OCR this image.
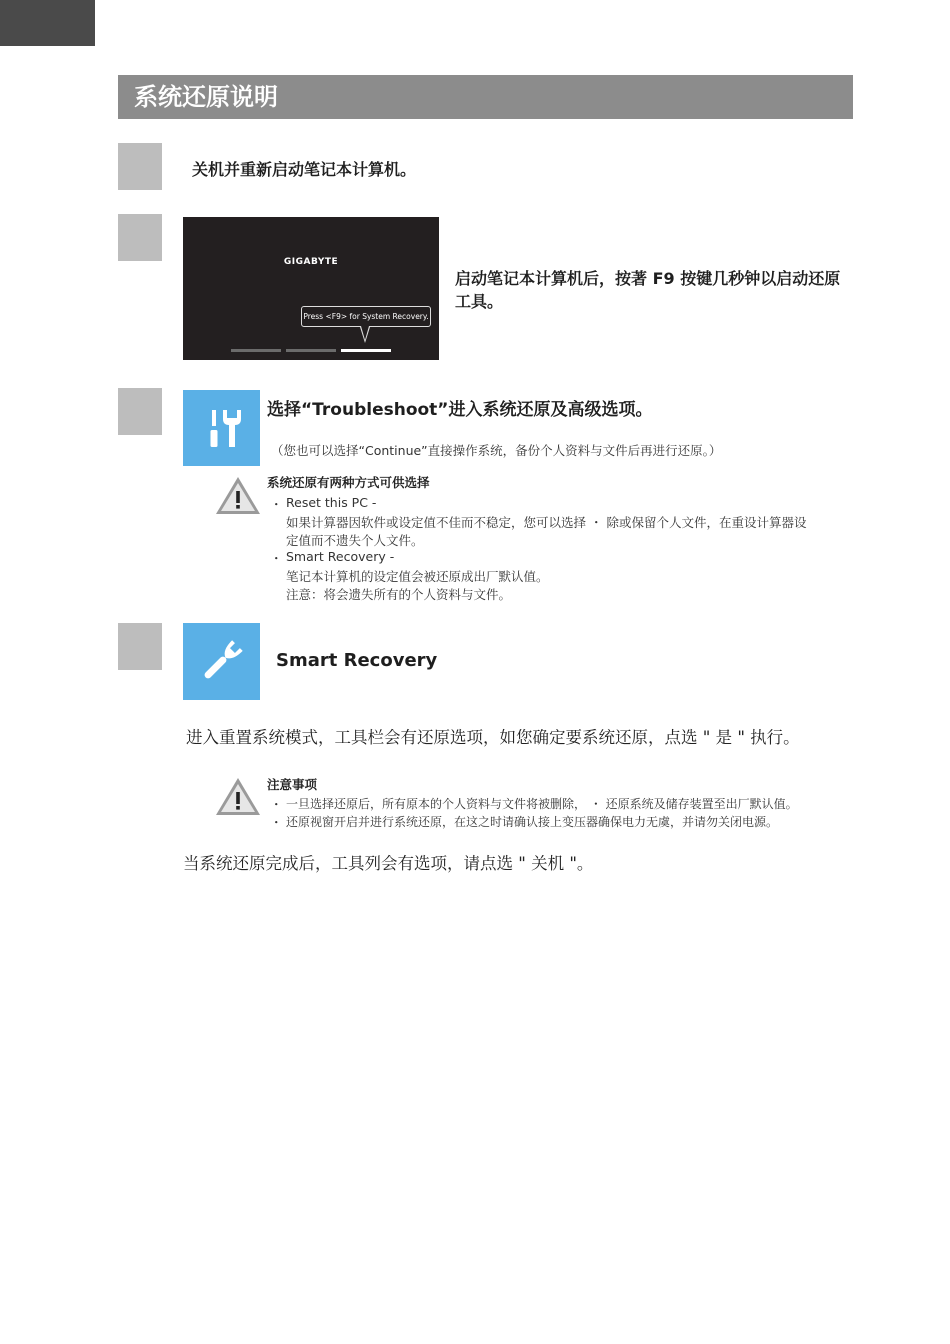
系统还原说明
关机并重新启动笔记本计算机。
GIGABYTE
Press <F9> for System Recovery.
启动笔记本计算机后，按著 F9 按键几秒钟以启动还原工具。
选择“Troubleshoot”进入系统还原及高级选项。
（您也可以选择“Continue”直接操作系统，备份个人资料与文件后再进行还原。）
系统还原有两种方式可供选择
・ Reset this PC -
如果计算器因软件或设定值不佳而不稳定，您可以选择 ・ 除或保留个人文件，在重设计算器设
定值而不遗失个人文件。
・ Smart Recovery -
笔记本计算机的设定值会被还原成出厂默认值。
注意：将会遗失所有的个人资料与文件。
Smart Recovery
进入重置系统模式，工具栏会有还原选项，如您确定要系统还原，点选 " 是 " 执行。
注意事项
・ 一旦选择还原后，所有原本的个人资料与文件将被删除， ・ 还原系统及储存装置至出厂默认值。
・ 还原视窗开启并进行系统还原，在这之时请确认接上变压器确保电力无虞，并请勿关闭电源。
当系统还原完成后，工具列会有选项，请点选 " 关机 "。
